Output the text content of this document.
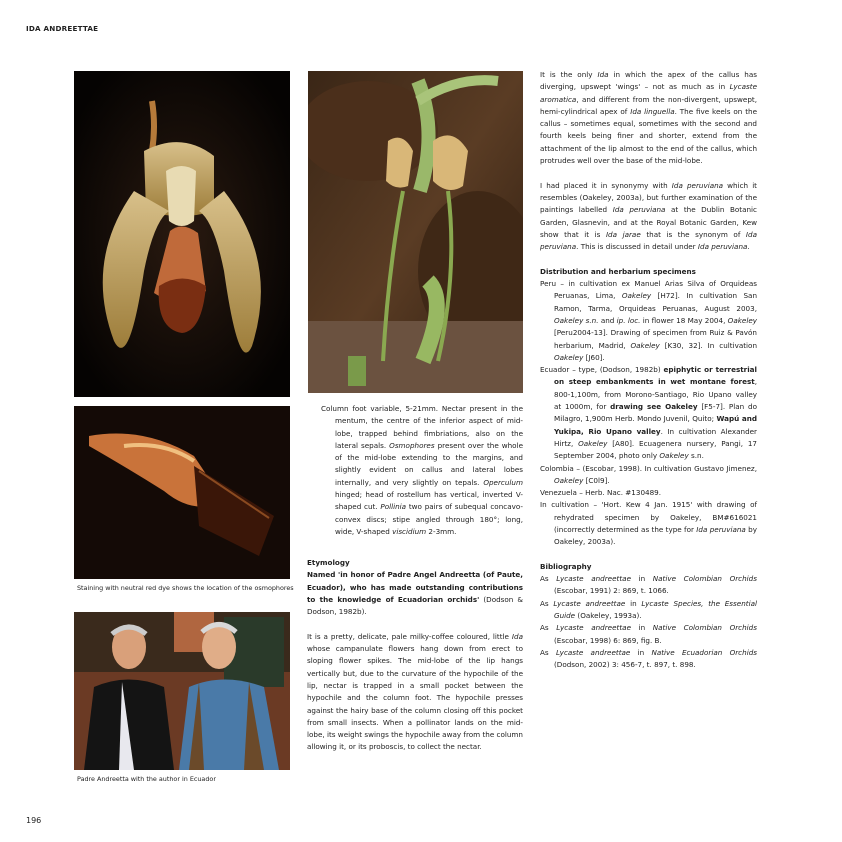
IDA ANDREETTAE
Staining with neutral red dye shows the location of the osmophores
Padre Andreetta with the author in Ecuador

Column foot variable, 5-21mm. Nectar present in the mentum, the centre of the inferior aspect of mid-lobe, trapped behind fimbriations, also on the lateral sepals. Osmophores present over the whole of the mid-lobe extending to the margins, and slightly evident on callus and lateral lobes internally, and very slightly on tepals. Operculum hinged; head of rostellum has vertical, inverted V-shaped cut. Pollinia two pairs of subequal concavo-convex discs; stipe angled through 180°; long, wide, V-shaped viscidium 2-3mm.

Etymology

Named 'in honor of Padre Angel Andreetta (of Paute, Ecuador), who has made outstanding contributions to the knowledge of Ecuadorian orchids' (Dodson & Dodson, 1982b).

It is a pretty, delicate, pale milky-coffee coloured, little Ida whose campanulate flowers hang down from erect to sloping flower spikes. The mid-lobe of the lip hangs vertically but, due to the curvature of the hypochile of the lip, nectar is trapped in a small pocket between the hypochile and the column foot. The hypochile presses against the hairy base of the column closing off this pocket from small insects. When a pollinator lands on the mid-lobe, its weight swings the hypochile away from the column allowing it, or its proboscis, to collect the nectar.

It is the only Ida in which the apex of the callus has diverging, upswept 'wings' – not as much as in Lycaste aromatica, and different from the non-divergent, upswept, hemi-cylindrical apex of Ida linguella. The five keels on the callus – sometimes equal, sometimes with the second and fourth keels being finer and shorter, extend from the attachment of the lip almost to the end of the callus, which protrudes well over the base of the mid-lobe.

I had placed it in synonymy with Ida peruviana which it resembles (Oakeley, 2003a), but further examination of the paintings labelled Ida peruviana at the Dublin Botanic Garden, Glasnevin, and at the Royal Botanic Garden, Kew show that it is Ida jarae that is the synonym of Ida peruviana. This is discussed in detail under Ida peruviana.

Distribution and herbarium specimens

Peru – in cultivation ex Manuel Arias Silva of Orquideas Peruanas, Lima, Oakeley [H72]. In cultivation San Ramon, Tarma, Orquideas Peruanas, August 2003, Oakeley s.n. and ip. loc. in flower 18 May 2004, Oakeley [Peru2004-13]. Drawing of specimen from Ruiz & Pavón herbarium, Madrid, Oakeley [K30, 32]. In cultivation Oakeley [J60].

Ecuador – type, (Dodson, 1982b) epiphytic or terrestrial on steep embankments in wet montane forest, 800-1,100m, from Morono-Santiago, Rio Upano valley at 1000m, for drawing see Oakeley [F5-7]. Plan do Milagro, 1,900m Herb. Mondo Juvenil, Quito; Wapú and Yukipa, Rio Upano valley. In cultivation Alexander Hirtz, Oakeley [A80]. Ecuagenera nursery, Pangi, 17 September 2004, photo only Oakeley s.n.

Colombia – (Escobar, 1998). In cultivation Gustavo Jimenez, Oakeley [C0l9].

Venezuela – Herb. Nac. #130489.

In cultivation – 'Hort. Kew 4 Jan. 1915' with drawing of rehydrated specimen by Oakeley, BM#616021 (incorrectly determined as the type for Ida peruviana by Oakeley, 2003a).

Bibliography

As Lycaste andreettae in Native Colombian Orchids (Escobar, 1991) 2: 869, t. 1066.

As Lycaste andreettae in Lycaste Species, the Essential Guide (Oakeley, 1993a).

As Lycaste andreettae in Native Colombian Orchids (Escobar, 1998) 6: 869, fig. B.

As Lycaste andreettae in Native Ecuadorian Orchids (Dodson, 2002) 3: 456-7, t. 897, t. 898.

196
